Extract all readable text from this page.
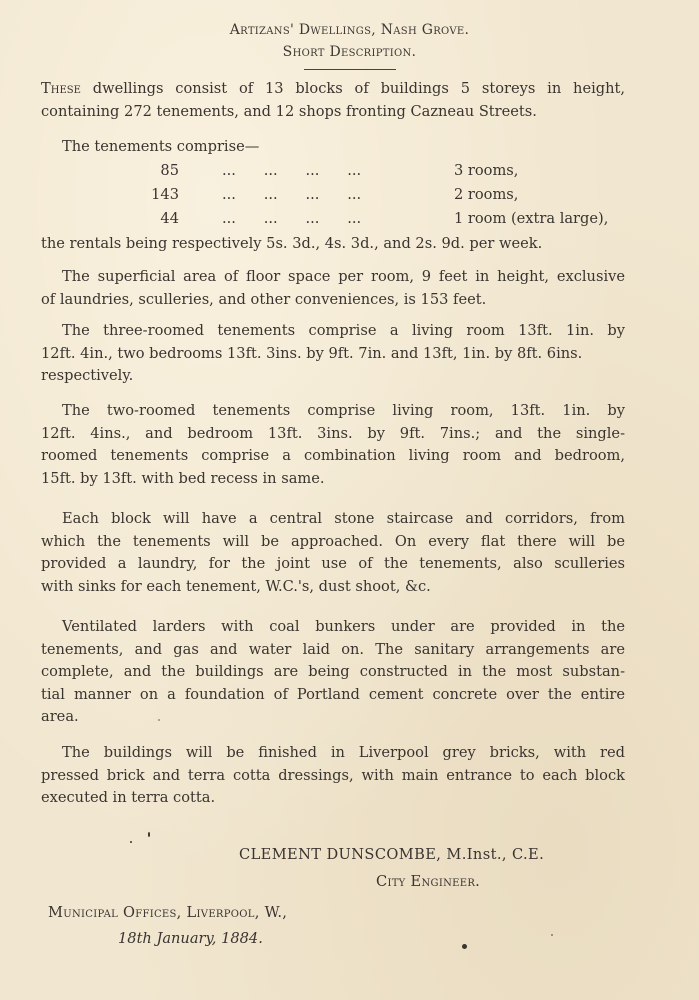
Artizans' Dwellings, Nash Grove.
Short Description.
These dwellings consist of 13 blocks of buildings 5 storeys in height,
containing 272 tenements, and 12 shops fronting Cazneau Streets.
The tenements comprise—
85	...      ...      ...      ...	3 rooms,
143	...      ...      ...      ...	2 rooms,
44	...      ...      ...      ...	1 room (extra large),
the rentals being respectively 5s. 3d., 4s. 3d., and 2s. 9d. per week.
The superficial area of floor space per room, 9 feet in height, exclusive
of laundries, sculleries, and other conveniences, is 153 feet.
The three-roomed tenements comprise a living room 13ft. 1in. by
12ft. 4in., two bedrooms 13ft. 3ins. by 9ft. 7in. and 13ft, 1in. by 8ft. 6ins.
respectively.
The two-roomed tenements comprise living room, 13ft. 1in. by
12ft. 4ins., and bedroom 13ft. 3ins. by 9ft. 7ins.; and the single-
roomed tenements comprise a combination living room and bedroom,
15ft. by 13ft. with bed recess in same.
Each block will have a central stone staircase and corridors, from
which the tenements will be approached. On every flat there will be
provided a laundry, for the joint use of the tenements, also sculleries
with sinks for each tenement, W.C.'s, dust shoot, &c.
Ventilated larders with coal bunkers under are provided in the
tenements, and gas and water laid on. The sanitary arrangements are
complete, and the buildings are being constructed in the most substan-
tial manner on a foundation of Portland cement concrete over the entire
area.
The buildings will be finished in Liverpool grey bricks, with red
pressed brick and terra cotta dressings, with main entrance to each block
executed in terra cotta.
CLEMENT DUNSCOMBE, M.Inst., C.E.
City Engineer.
Municipal Offices, Liverpool, W.,
18th January, 1884.
